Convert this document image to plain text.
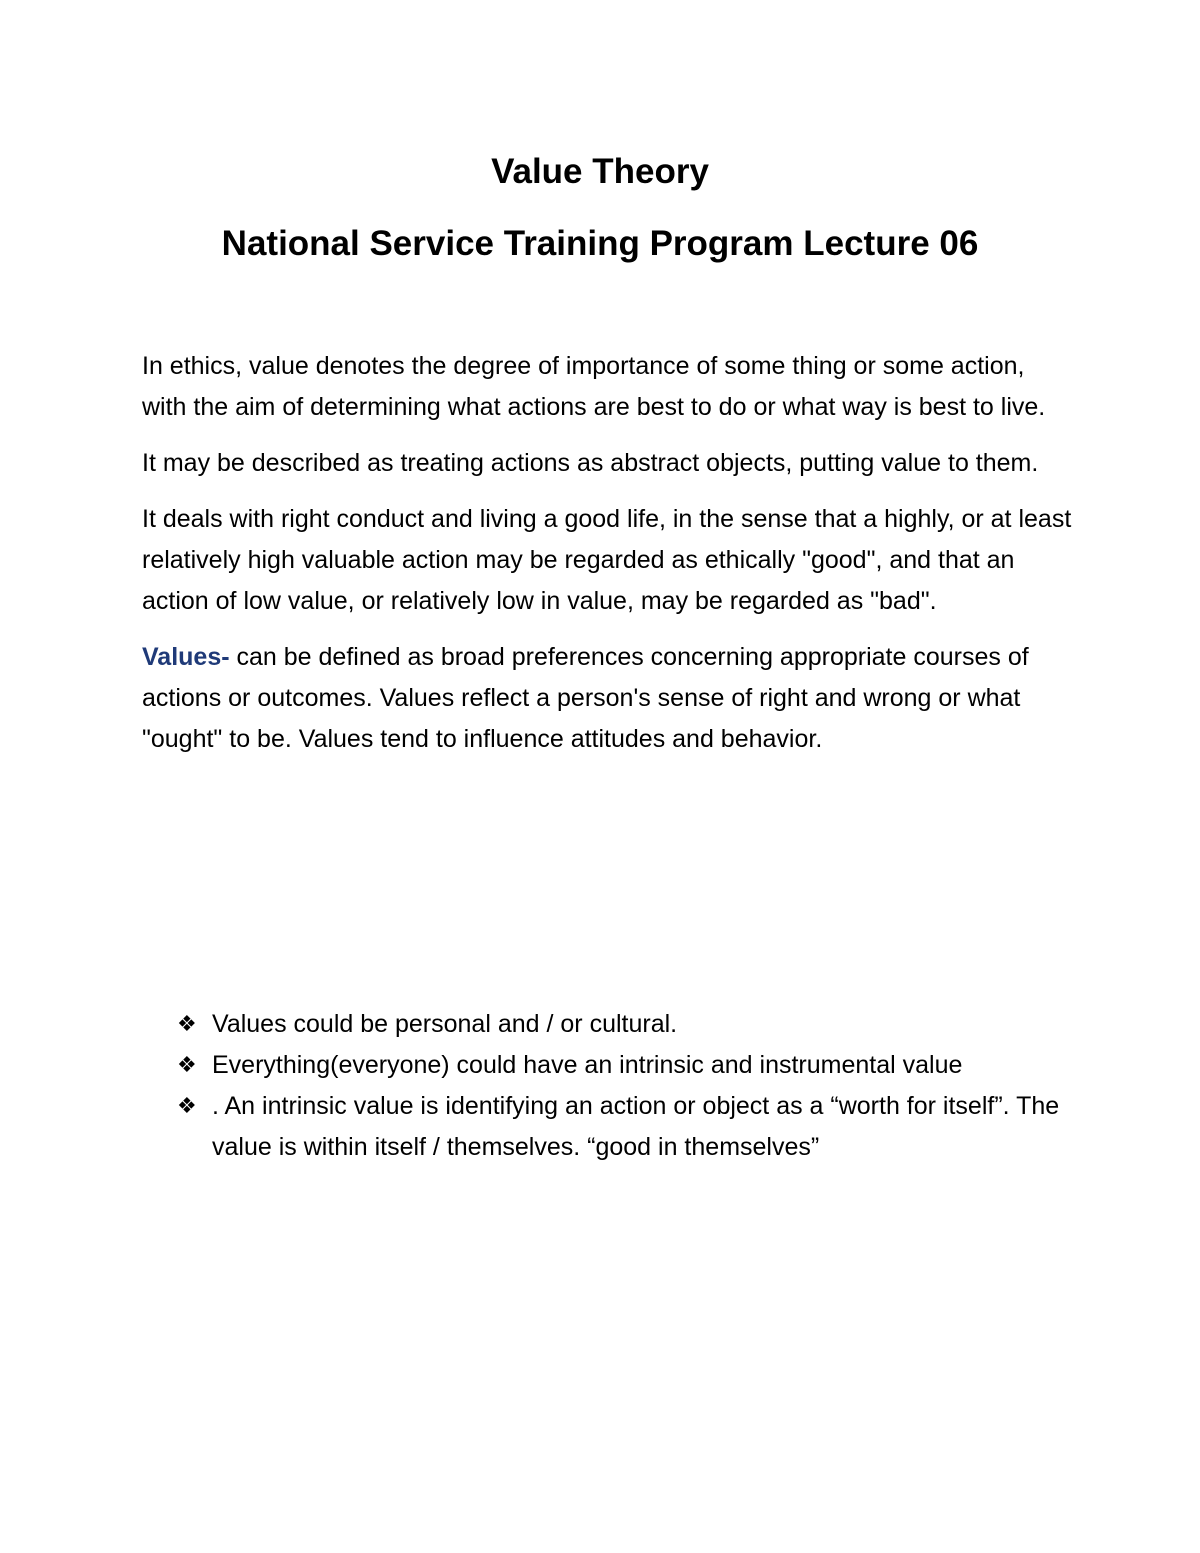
Value Theory
National Service Training Program Lecture 06

In ethics, value denotes the degree of importance of some thing or some action, with the aim of determining what actions are best to do or what way is best to live.

It may be described as treating actions as abstract objects, putting value to them.

It deals with right conduct and living a good life, in the sense that a highly, or at least relatively high valuable action may be regarded as ethically "good", and that an action of low value, or relatively low in value, may be regarded as "bad".

Values- can be defined as broad preferences concerning appropriate courses of actions or outcomes. Values reflect a person's sense of right and wrong or what "ought" to be. Values tend to influence attitudes and behavior.

❖ Values could be personal and / or cultural.
❖ Everything(everyone) could have an intrinsic and instrumental value
❖ . An intrinsic value is identifying an action or object as a “worth for itself”. The value is within itself / themselves. “good in themselves”
